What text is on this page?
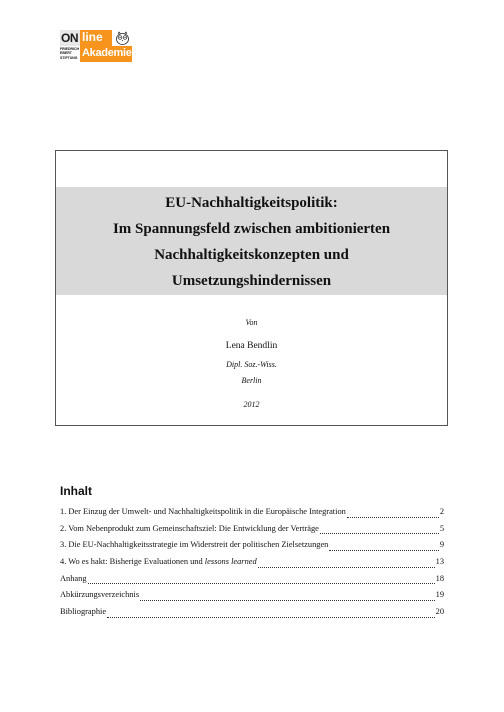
ON line
FRIEDRICH
EBERT
STIFTUNG Akademie
EU-Nachhaltigkeitspolitik:
Im Spannungsfeld zwischen ambitionierten
Nachhaltigkeitskonzepten und
Umsetzungshindernissen
Von
Lena Bendlin
Dipl. Soz.-Wiss.
Berlin
2012
Inhalt
1. Der Einzug der Umwelt- und Nachhaltigkeitspolitik in die Europäische Integration	2
2. Vom Nebenprodukt zum Gemeinschaftsziel: Die Entwicklung der Verträge	5
3. Die EU-Nachhaltigkeitsstrategie im Widerstreit der politischen Zielsetzungen	9
4. Wo es hakt: Bisherige Evaluationen und lessons learned	13
Anhang	18
Abkürzungsverzeichnis	19
Bibliographie	20
